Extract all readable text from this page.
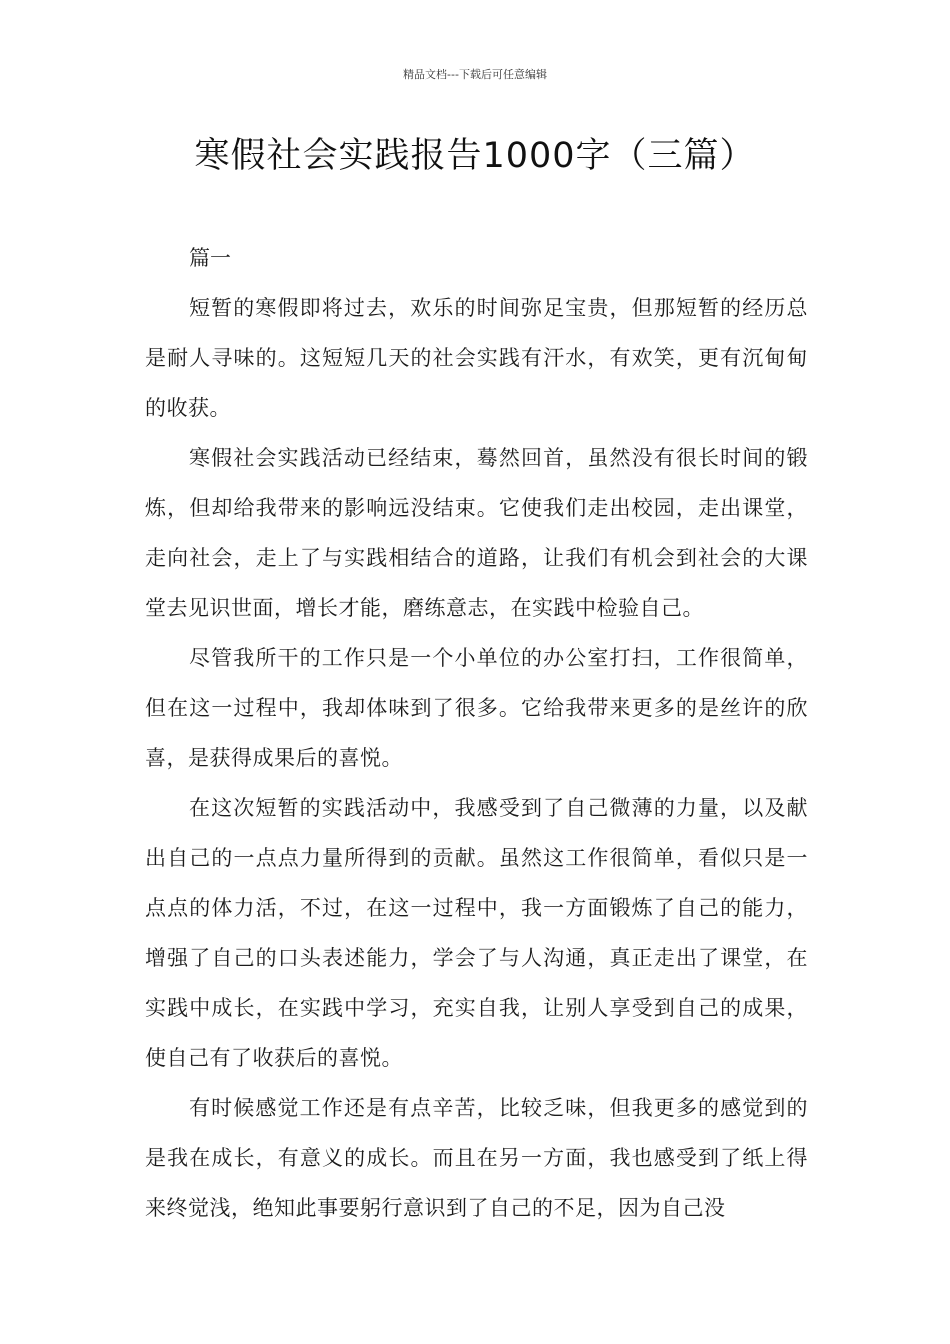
精品文档---下载后可任意编辑
寒假社会实践报告1000字（三篇）

篇一

短暂的寒假即将过去，欢乐的时间弥足宝贵，但那短暂的经历总是耐人寻味的。这短短几天的社会实践有汗水，有欢笑，更有沉甸甸的收获。

寒假社会实践活动已经结束，蓦然回首，虽然没有很长时间的锻炼，但却给我带来的影响远没结束。它使我们走出校园，走出课堂，走向社会，走上了与实践相结合的道路，让我们有机会到社会的大课堂去见识世面，增长才能，磨练意志，在实践中检验自己。

尽管我所干的工作只是一个小单位的办公室打扫，工作很简单，但在这一过程中，我却体味到了很多。它给我带来更多的是丝许的欣喜，是获得成果后的喜悦。

在这次短暂的实践活动中，我感受到了自己微薄的力量，以及献出自己的一点点力量所得到的贡献。虽然这工作很简单，看似只是一点点的体力活，不过，在这一过程中，我一方面锻炼了自己的能力，增强了自己的口头表述能力，学会了与人沟通，真正走出了课堂，在实践中成长，在实践中学习，充实自我，让别人享受到自己的成果，使自己有了收获后的喜悦。

有时候感觉工作还是有点辛苦，比较乏味，但我更多的感觉到的是我在成长，有意义的成长。而且在另一方面，我也感受到了纸上得来终觉浅，绝知此事要躬行意识到了自己的不足，因为自己没
